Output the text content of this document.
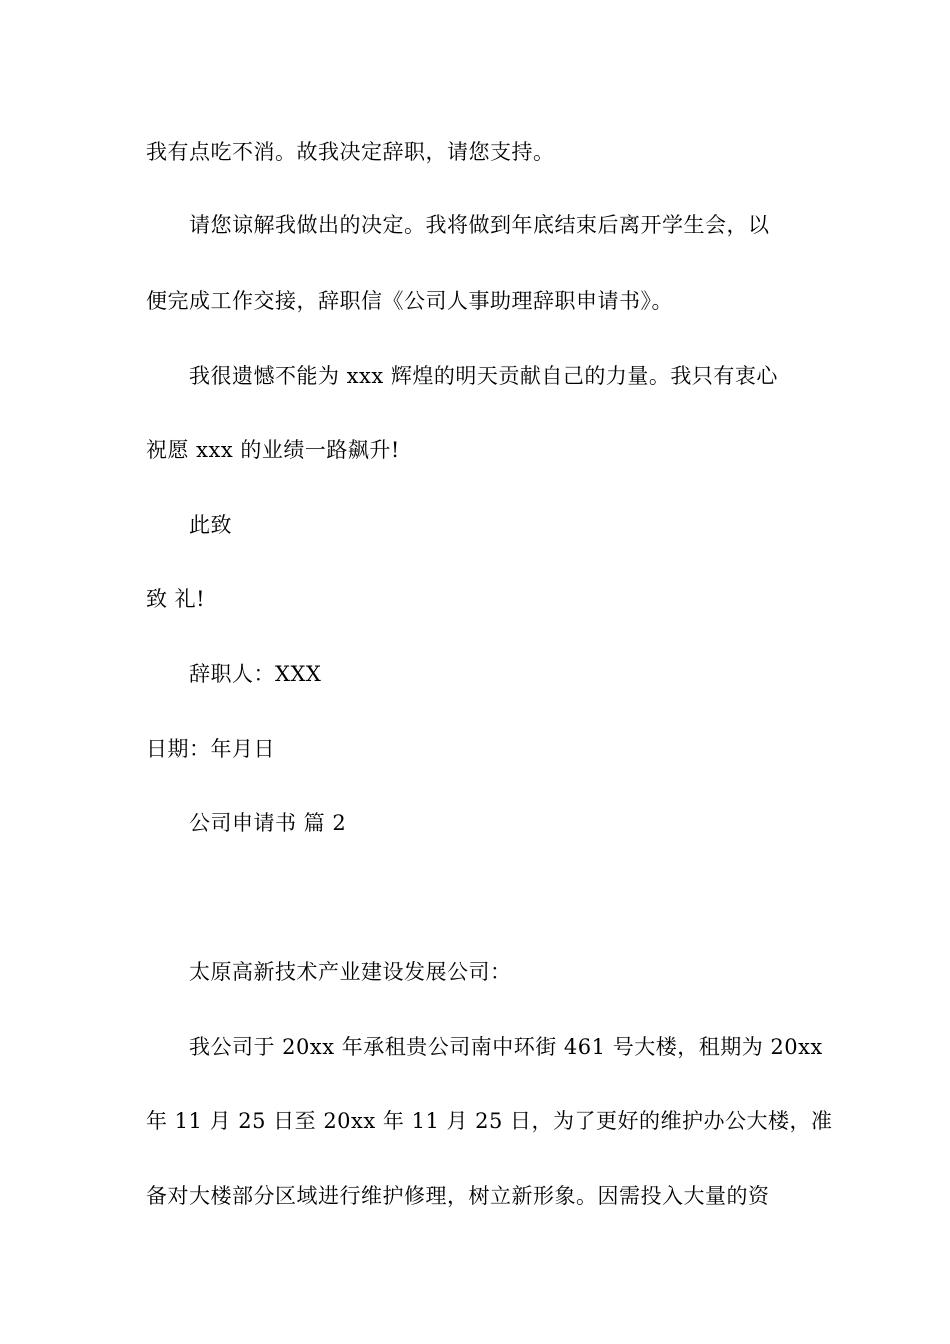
我有点吃不消。故我决定辞职，请您支持。
请您谅解我做出的决定。我将做到年底结束后离开学生会，以
便完成工作交接，辞职信《公司人事助理辞职申请书》。
我很遗憾不能为 xxx 辉煌的明天贡献自己的力量。我只有衷心
祝愿 xxx 的业绩一路飙升!
此致
致 礼!
辞职人：XXX
日期：年月日
公司申请书 篇 2
太原高新技术产业建设发展公司：
我公司于 20xx 年承租贵公司南中环街 461 号大楼，租期为 20xx
年 11 月 25 日至 20xx 年 11 月 25 日，为了更好的维护办公大楼，准
备对大楼部分区域进行维护修理，树立新形象。因需投入大量的资
